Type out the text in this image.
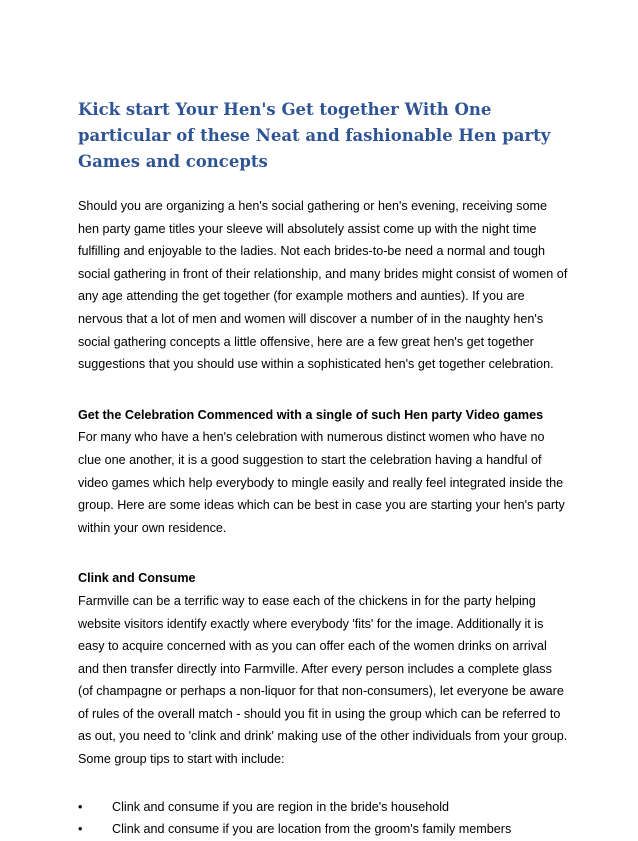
Kick start Your Hen's Get together With One particular of these Neat and fashionable Hen party Games and concepts

Should you are organizing a hen's social gathering or hen's evening, receiving some hen party game titles your sleeve will absolutely assist come up with the night time fulfilling and enjoyable to the ladies. Not each brides-to-be need a normal and tough social gathering in front of their relationship, and many brides might consist of women of any age attending the get together (for example mothers and aunties). If you are nervous that a lot of men and women will discover a number of in the naughty hen's social gathering concepts a little offensive, here are a few great hen's get together suggestions that you should use within a sophisticated hen's get together celebration.

Get the Celebration Commenced with a single of such Hen party Video games

For many who have a hen's celebration with numerous distinct women who have no clue one another, it is a good suggestion to start the celebration having a handful of video games which help everybody to mingle easily and really feel integrated inside the group. Here are some ideas which can be best in case you are starting your hen's party within your own residence.

Clink and Consume

Farmville can be a terrific way to ease each of the chickens in for the party helping website visitors identify exactly where everybody 'fits' for the image. Additionally it is easy to acquire concerned with as you can offer each of the women drinks on arrival and then transfer directly into Farmville. After every person includes a complete glass (of champagne or perhaps a non-liquor for that non-consumers), let everyone be aware of rules of the overall match - should you fit in using the group which can be referred to as out, you need to 'clink and drink' making use of the other individuals from your group. Some group tips to start with include:

• Clink and consume if you are region in the bride's household
• Clink and consume if you are location from the groom's family members
